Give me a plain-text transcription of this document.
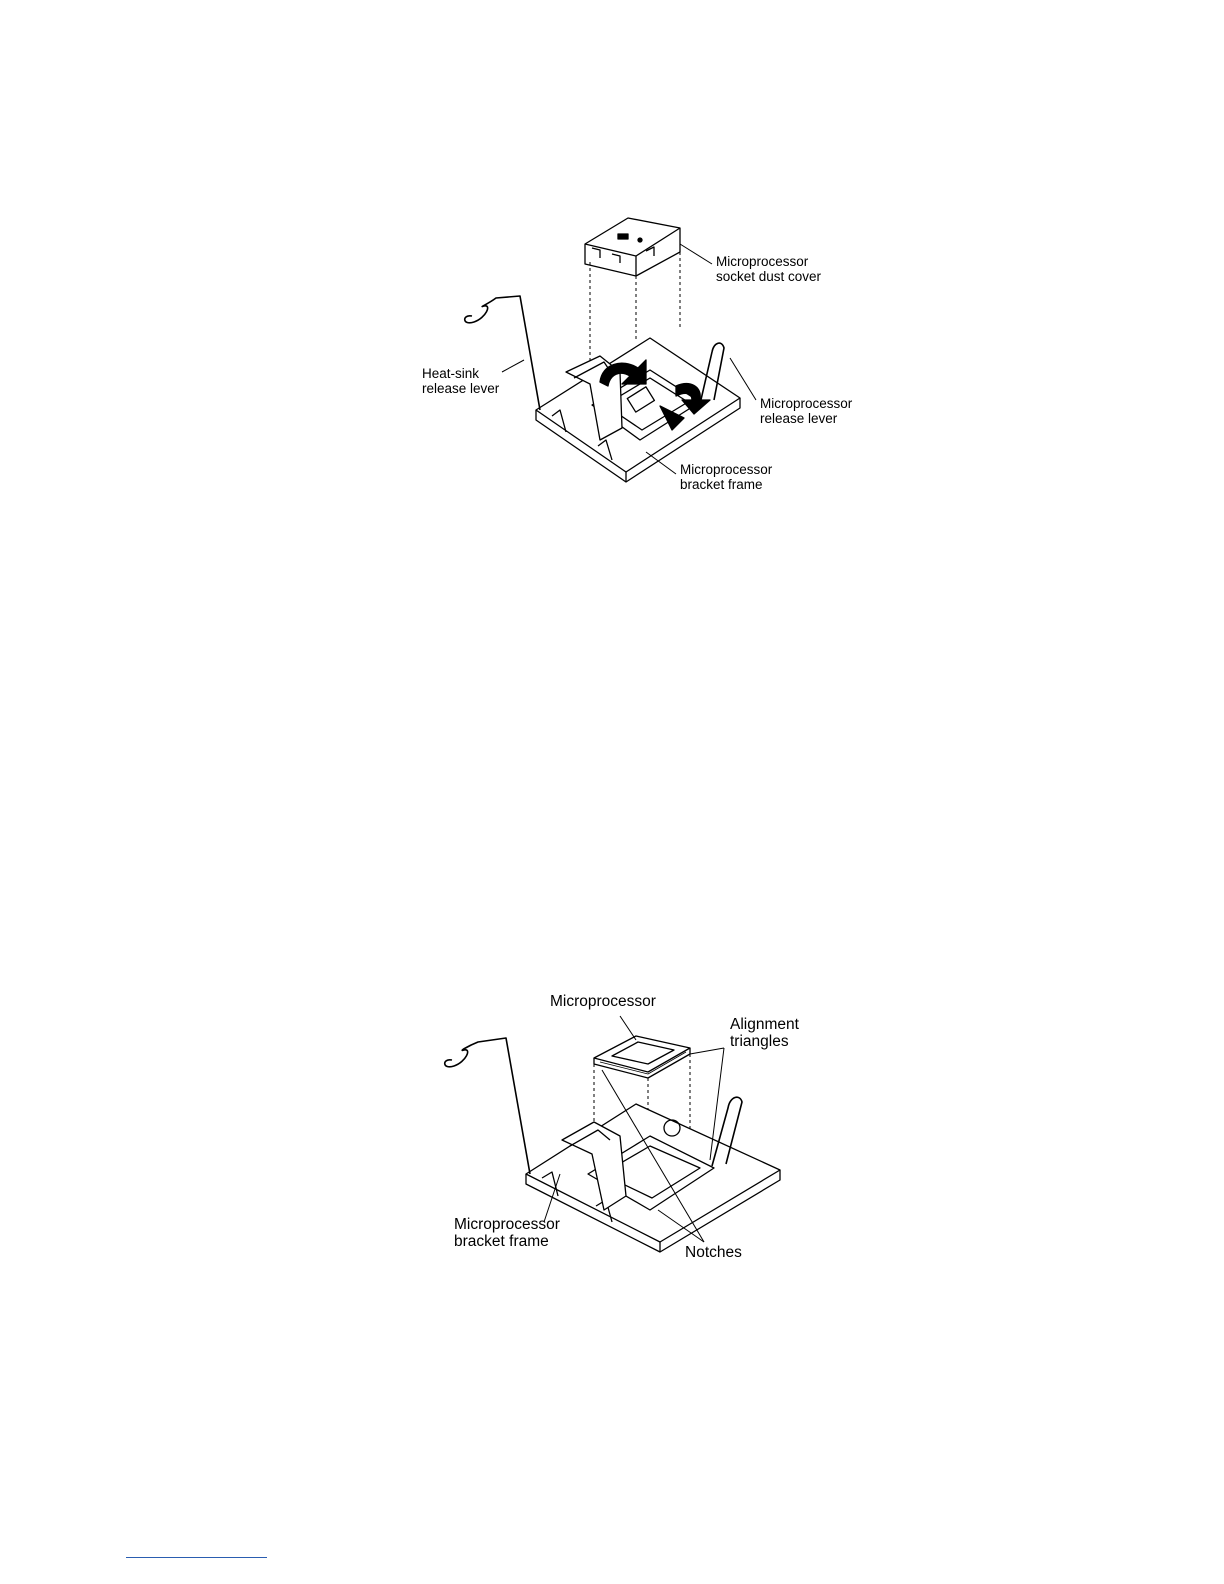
Microprocessor
socket dust cover
Heat-sink
release lever
Microprocessor
release lever
Microprocessor
bracket frame
Microprocessor
Alignment
triangles
Microprocessor
bracket frame
Notches
